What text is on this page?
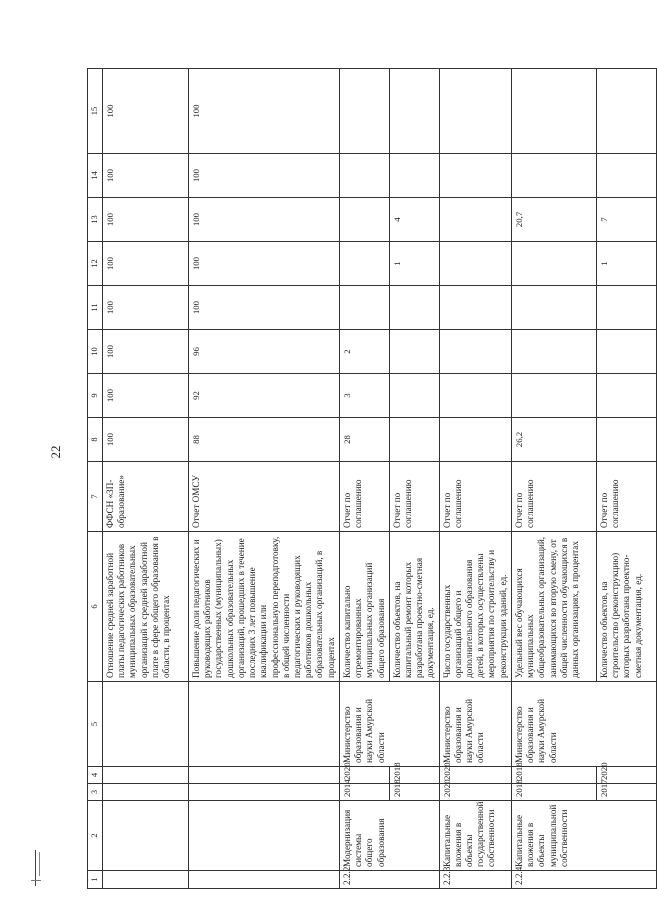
22
1	2	3	4	5	6	7	8	9	10	11	12	13	14	15
					Отношение средней заработной платы педагогических работников муниципальных образовательных организаций к средней заработной плате в сфере общего образования в области, в процентах	ФФСН «ЗП-образование»	100	100	100	100	100	100	100	100
					Повышение доли педагогических и руководящих работников государственных (муниципальных) дошкольных образовательных организаций, прошедших в течение последних 3 лет повышение квалификации или профессиональную переподготовку, в общей численности педагогических и руководящих работников дошкольных образовательных организаций, в процентах	Отчет ОМСУ	88	92	96	100	100	100	100	100
2.2.2	Модернизация системы общего образования	2014	2020	Министерство образования и науки Амурской области	Количество капитально отремонтированных муниципальных организаций общего образования	Отчет по соглашению	28	3	2					
		2018	2018		Количество объектов, на капитальный ремонт которых разработана проектно-сметная документация, ед.	Отчет по соглашению					1	4		
2.2.3	Капитальные вложения в объекты государственной собственности	2020	2020	Министерство образования и науки Амурской области	Число государственных организаций общего и дополнительного образования детей, в которых осуществлены мероприятия по строительству и реконструкции зданий, ед.	Отчет по соглашению								
2.2.4	Капитальные вложения в объекты муниципальной собственности	2018	2018	Министерство образования и науки Амурской области	Удельный вес обучающихся муниципальных общеобразовательных организаций, занимающихся во вторую смену, от общей численности обучающихся в данных организациях, в процентах	Отчет по соглашению	26,2					20,7		
		2017	2020		Количество объектов, на строительство (реконструкцию) которых разработана проектно-сметная документация, ед.	Отчет по соглашению					1	7		
